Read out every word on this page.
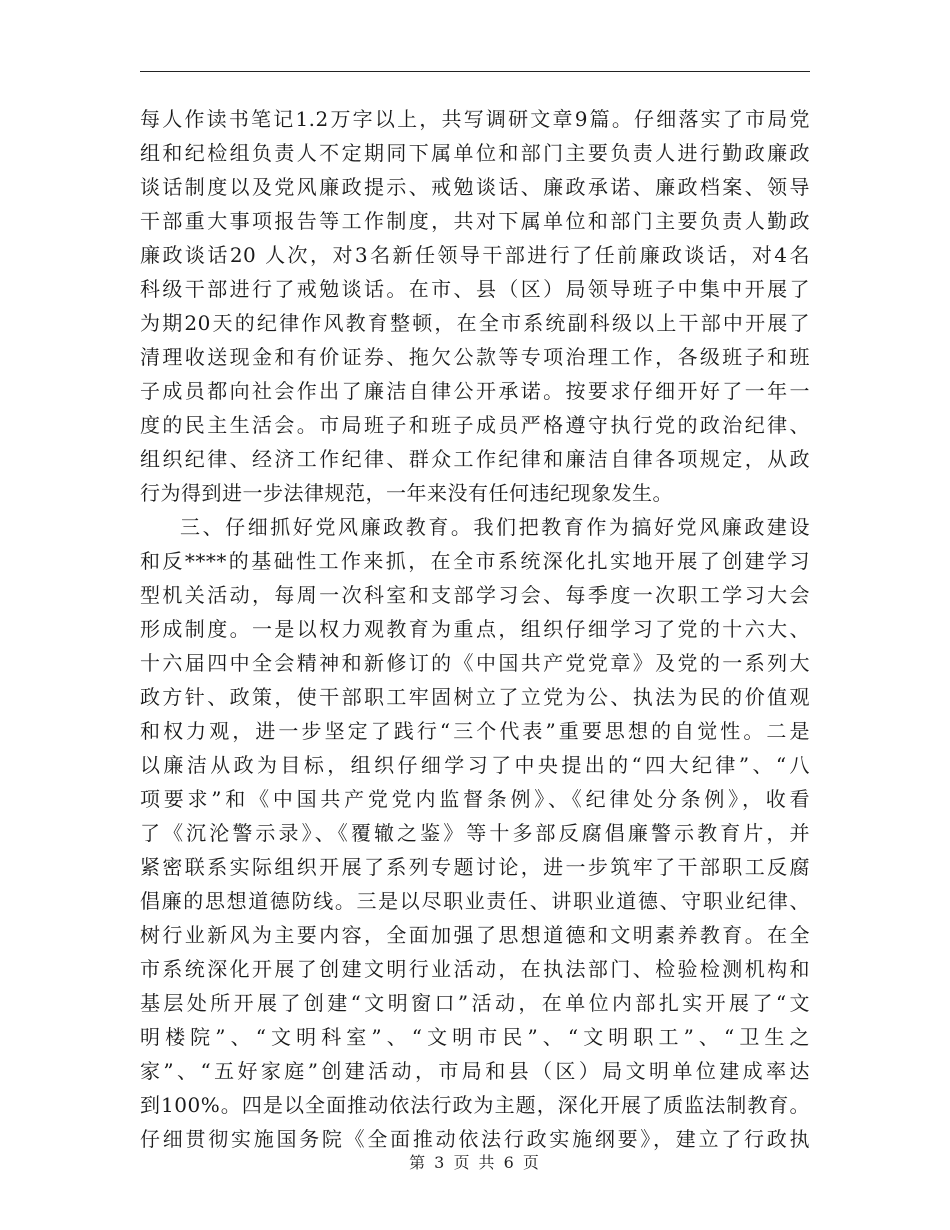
每人作读书笔记1.2万字以上，共写调研文章9篇。仔细落实了市局党
组和纪检组负责人不定期同下属单位和部门主要负责人进行勤政廉政
谈话制度以及党风廉政提示、戒勉谈话、廉政承诺、廉政档案、领导
干部重大事项报告等工作制度，共对下属单位和部门主要负责人勤政
廉政谈话20 人次，对3名新任领导干部进行了任前廉政谈话，对4名
科级干部进行了戒勉谈话。在市、县（区）局领导班子中集中开展了
为期20天的纪律作风教育整顿，在全市系统副科级以上干部中开展了
清理收送现金和有价证券、拖欠公款等专项治理工作，各级班子和班
子成员都向社会作出了廉洁自律公开承诺。按要求仔细开好了一年一
度的民主生活会。市局班子和班子成员严格遵守执行党的政治纪律、
组织纪律、经济工作纪律、群众工作纪律和廉洁自律各项规定，从政
行为得到进一步法律规范，一年来没有任何违纪现象发生。
三、仔细抓好党风廉政教育。我们把教育作为搞好党风廉政建设
和反****的基础性工作来抓，在全市系统深化扎实地开展了创建学习
型机关活动，每周一次科室和支部学习会、每季度一次职工学习大会
形成制度。一是以权力观教育为重点，组织仔细学习了党的十六大、
十六届四中全会精神和新修订的《中国共产党党章》及党的一系列大
政方针、政策，使干部职工牢固树立了立党为公、执法为民的价值观
和权力观，进一步坚定了践行“三个代表”重要思想的自觉性。二是
以廉洁从政为目标，组织仔细学习了中央提出的“四大纪律”、“八
项要求”和《中国共产党党内监督条例》、《纪律处分条例》，收看
了《沉沦警示录》、《覆辙之鉴》等十多部反腐倡廉警示教育片，并
紧密联系实际组织开展了系列专题讨论，进一步筑牢了干部职工反腐
倡廉的思想道德防线。三是以尽职业责任、讲职业道德、守职业纪律、
树行业新风为主要内容，全面加强了思想道德和文明素养教育。在全
市系统深化开展了创建文明行业活动，在执法部门、检验检测机构和
基层处所开展了创建“文明窗口”活动，在单位内部扎实开展了“文
明楼院”、“文明科室”、“文明市民”、“文明职工”、“卫生之
家”、“五好家庭”创建活动，市局和县（区）局文明单位建成率达
到100%。四是以全面推动依法行政为主题，深化开展了质监法制教育。
仔细贯彻实施国务院《全面推动依法行政实施纲要》，建立了行政执
第 3 页 共 6 页
